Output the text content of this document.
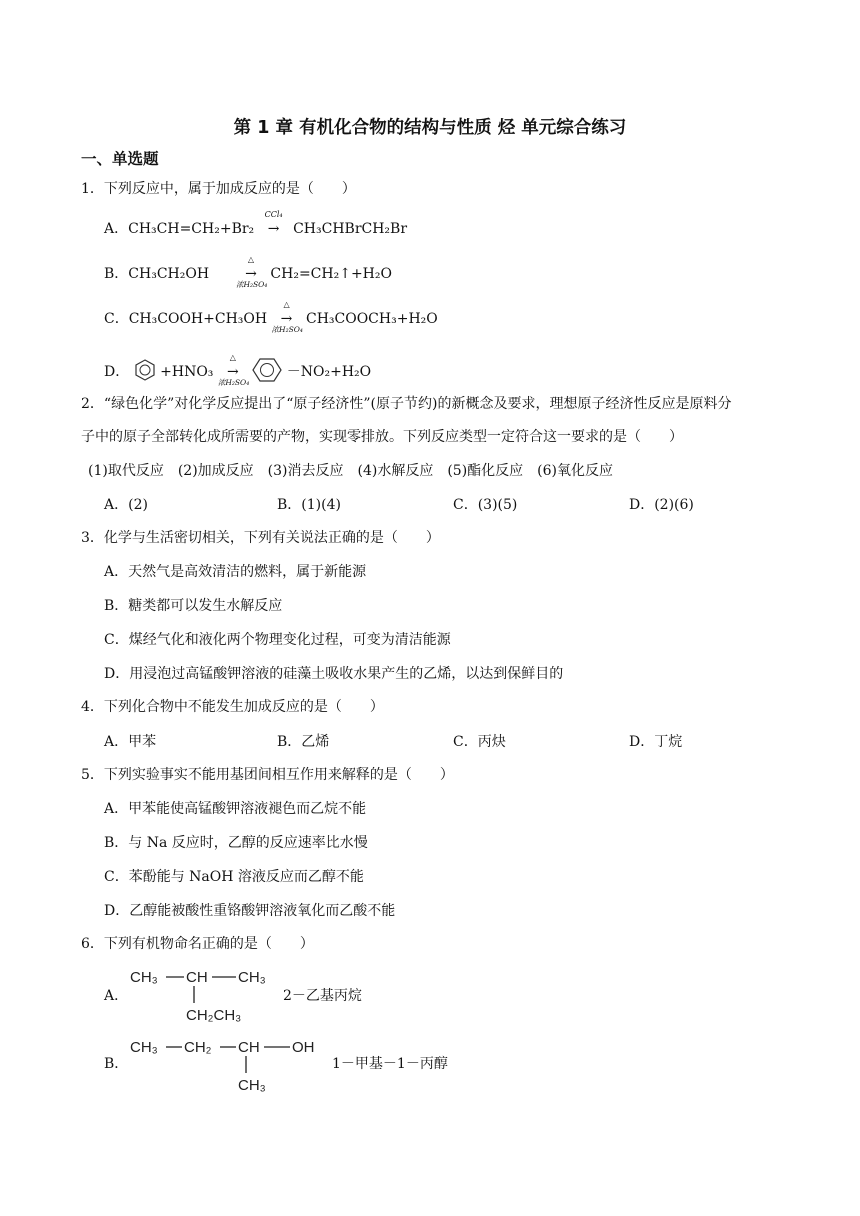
第 1 章 有机化合物的结构与性质 烃 单元综合练习
一、单选题
1．下列反应中，属于加成反应的是（　　）
A．CH₃CH=CH₂+Br₂
CCl₄
→ CH₃CHBrCH₂Br
B．CH₃CH₂OH
△
→
浓H₂SO₄
CH₂=CH₂↑+H₂O
C．CH₃COOH+CH₃OH
△
→
浓H₂SO₄
CH₃COOCH₃+H₂O
D． +HNO₃
△
→
浓H₂SO₄
－NO₂+H₂O
2．“绿色化学”对化学反应提出了“原子经济性”(原子节约)的新概念及要求，理想原子经济性反应是原料分
子中的原子全部转化成所需要的产物，实现零排放。下列反应类型一定符合这一要求的是（　　）
(1)取代反应　(2)加成反应　(3)消去反应　(4)水解反应　(5)酯化反应　(6)氧化反应
A．(2)	B．(1)(4)	C．(3)(5)	D．(2)(6)
3．化学与生活密切相关，下列有关说法正确的是（　　）
A．天然气是高效清洁的燃料，属于新能源
B．糖类都可以发生水解反应
C．煤经气化和液化两个物理变化过程，可变为清洁能源
D．用浸泡过高锰酸钾溶液的硅藻土吸收水果产生的乙烯，以达到保鲜目的
4．下列化合物中不能发生加成反应的是（　　）
A．甲苯	B．乙烯	C．丙炔	D．丁烷
5．下列实验事实不能用基团间相互作用来解释的是（　　）
A．甲苯能使高锰酸钾溶液褪色而乙烷不能
B．与 Na 反应时，乙醇的反应速率比水慢
C．苯酚能与 NaOH 溶液反应而乙醇不能
D．乙醇能被酸性重铬酸钾溶液氧化而乙酸不能
6．下列有机物命名正确的是（　　）
A．
CH₃ CH CH₃
CH₂CH₃
2－乙基丙烷
B．
CH₃ CH₂ CH OH
CH₃
1－甲基－1－丙醇
